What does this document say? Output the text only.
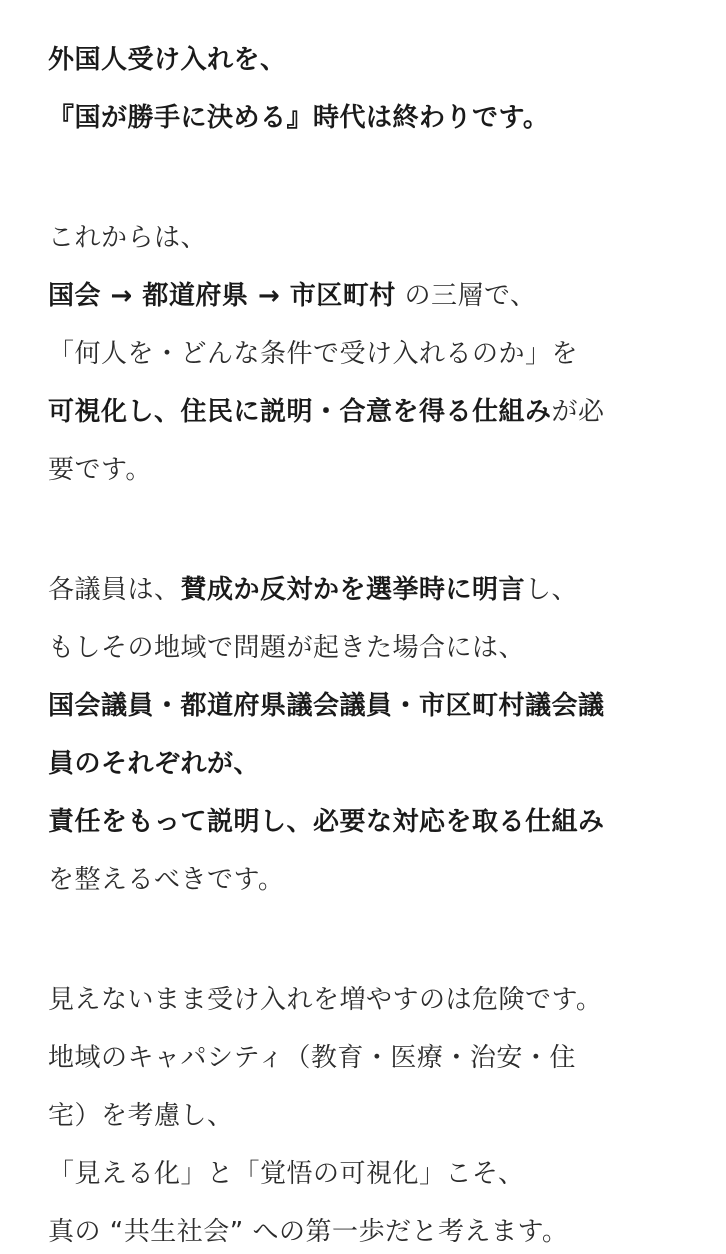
外国人受け入れを、
『国が勝手に決める』時代は終わりです。
これからは、
国会 → 都道府県 → 市区町村 の三層で、
「何人を・どんな条件で受け入れるのか」を
可視化し、住民に説明・合意を得る仕組みが必
要です。
各議員は、賛成か反対かを選挙時に明言し、
もしその地域で問題が起きた場合には、
国会議員・都道府県議会議員・市区町村議会議
員のそれぞれが、
責任をもって説明し、必要な対応を取る仕組み
を整えるべきです。
見えないまま受け入れを増やすのは危険です。
地域のキャパシティ（教育・医療・治安・住
宅）を考慮し、
「見える化」と「覚悟の可視化」こそ、
真の “共生社会” への第一歩だと考えます。
